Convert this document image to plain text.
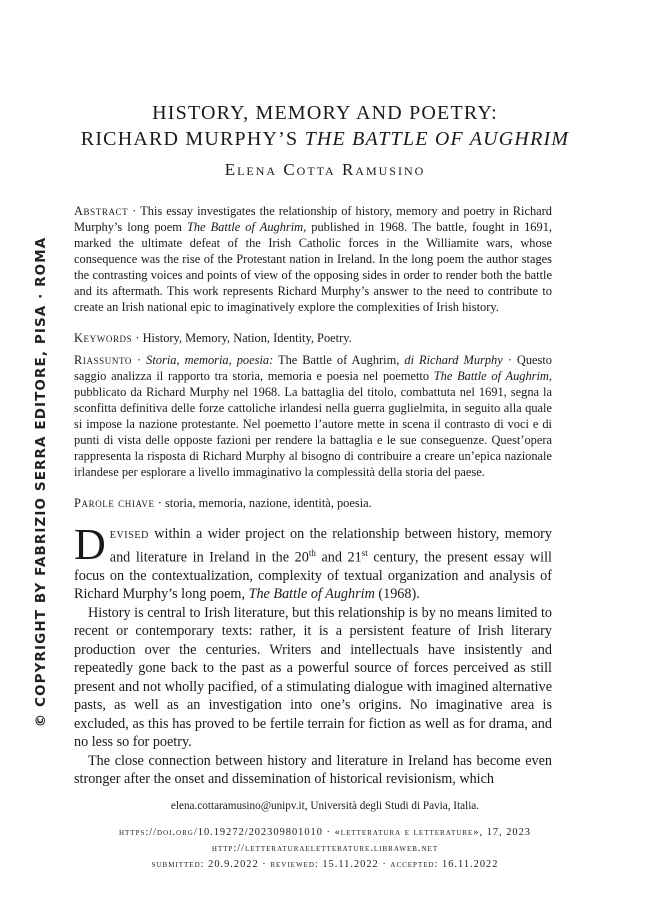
© COPYRIGHT BY FABRIZIO SERRA EDITORE, PISA · ROMA
HISTORY, MEMORY AND POETRY:
RICHARD MURPHY’S THE BATTLE OF AUGHRIM
Elena Cotta Ramusino
Abstract · This essay investigates the relationship of history, memory and poetry in Richard Murphy’s long poem The Battle of Aughrim, published in 1968. The battle, fought in 1691, marked the ultimate defeat of the Irish Catholic forces in the Williamite wars, whose consequence was the rise of the Protestant nation in Ireland. In the long poem the author stages the contrasting voices and points of view of the opposing sides in order to render both the battle and its aftermath. This work represents Richard Murphy’s answer to the need to contribute to create an Irish national epic to imaginatively explore the complexities of Irish history.
Keywords · History, Memory, Nation, Identity, Poetry.
Riassunto · Storia, memoria, poesia: The Battle of Aughrim, di Richard Murphy · Questo saggio analizza il rapporto tra storia, memoria e poesia nel poemetto The Battle of Aughrim, pubblicato da Richard Murphy nel 1968. La battaglia del titolo, combattuta nel 1691, segna la sconfitta definitiva delle forze cattoliche irlandesi nella guerra guglielmita, in seguito alla quale si impose la nazione protestante. Nel poemetto l’autore mette in scena il contrasto di voci e di punti di vista delle opposte fazioni per rendere la battaglia e le sue conseguenze. Quest’opera rappresenta la risposta di Richard Murphy al bisogno di contribuire a creare un’epica nazionale irlandese per esplorare a livello immaginativo la complessità della storia del paese.
Parole chiave · storia, memoria, nazione, identità, poesia.

Devised within a wider project on the relationship between history, memory and literature in Ireland in the 20th and 21st century, the present essay will focus on the contextualization, complexity of textual organization and analysis of Richard Murphy’s long poem, The Battle of Aughrim (1968).

History is central to Irish literature, but this relationship is by no means limited to recent or contemporary texts: rather, it is a persistent feature of Irish literary production over the centuries. Writers and intellectuals have insistently and repeatedly gone back to the past as a powerful source of forces perceived as still present and not wholly pacified, of a stimulating dialogue with imagined alternative pasts, as well as an investigation into one’s origins. No imaginative area is excluded, as this has proved to be fertile terrain for fiction as well as for drama, and no less so for poetry.

The close connection between history and literature in Ireland has become even stronger after the onset and dissemination of historical revisionism, which

elena.cottaramusino@unipv.it, Università degli Studi di Pavia, Italia.
https://doi.org/10.19272/202309801010 · «letteratura e letterature», 17, 2023
http://letteraturaeletterature.libraweb.net
submitted: 20.9.2022 · reviewed: 15.11.2022 · accepted: 16.11.2022
